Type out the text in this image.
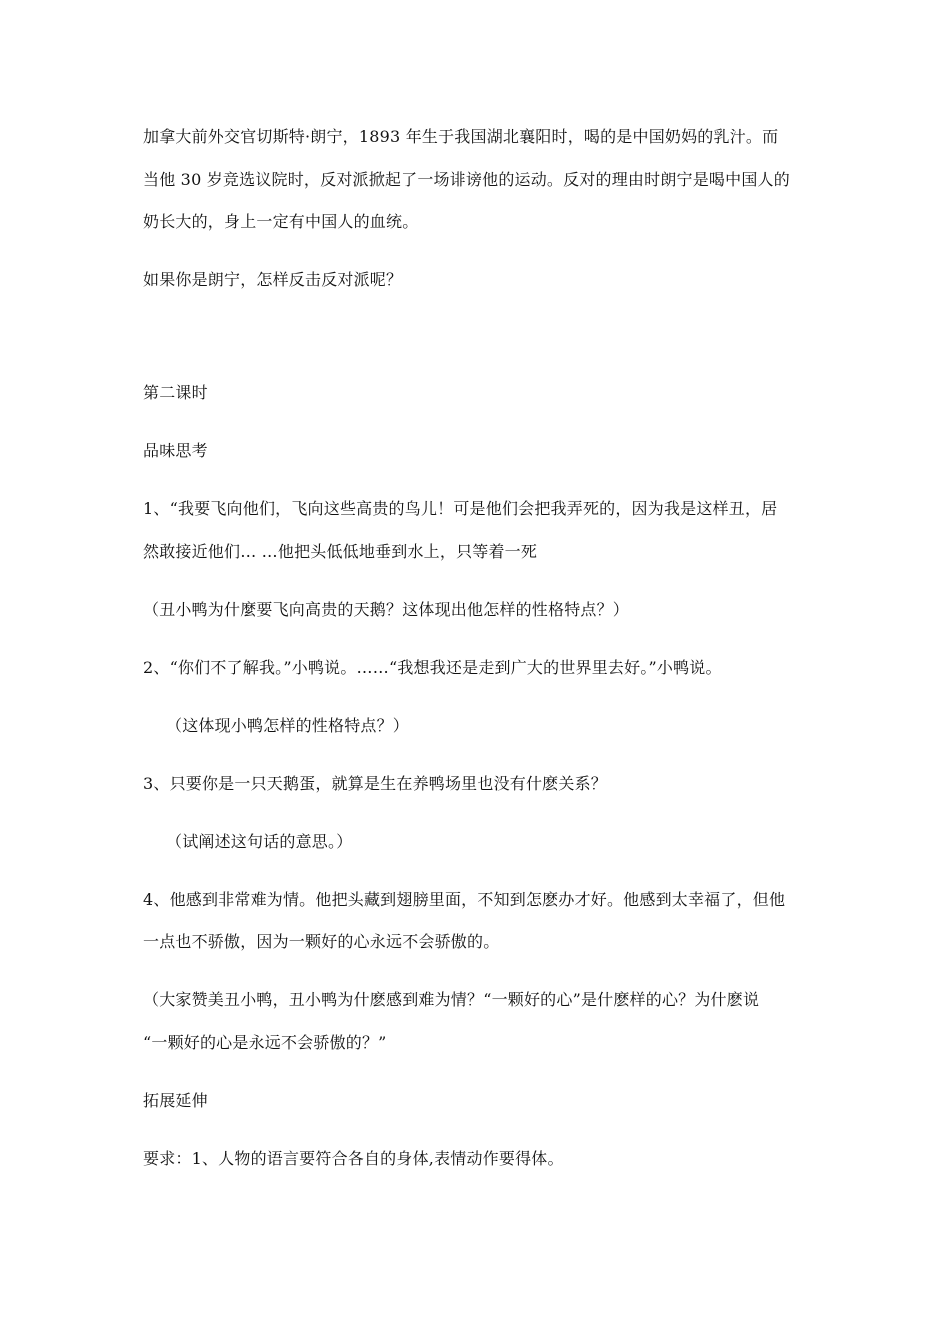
加拿大前外交官切斯特·朗宁，1893 年生于我国湖北襄阳时，喝的是中国奶妈的乳汁。而
当他 30 岁竞选议院时，反对派掀起了一场诽谤他的运动。反对的理由时朗宁是喝中国人的
奶长大的，身上一定有中国人的血统。
如果你是朗宁，怎样反击反对派呢？
第二课时
品味思考
1、“我要飞向他们，飞向这些高贵的鸟儿！可是他们会把我弄死的，因为我是这样丑，居
然敢接近他们… …他把头低低地垂到水上，只等着一死
（丑小鸭为什麼要飞向高贵的天鹅？这体现出他怎样的性格特点？）
2、“你们不了解我。”小鸭说。……“我想我还是走到广大的世界里去好。”小鸭说。
（这体现小鸭怎样的性格特点？）
3、只要你是一只天鹅蛋，就算是生在养鸭场里也没有什麽关系？
（试阐述这句话的意思。）
4、他感到非常难为情。他把头藏到翅膀里面，不知到怎麽办才好。他感到太幸福了，但他
一点也不骄傲，因为一颗好的心永远不会骄傲的。
（大家赞美丑小鸭，丑小鸭为什麽感到难为情？“一颗好的心”是什麽样的心？为什麽说
“一颗好的心是永远不会骄傲的？”
拓展延伸
要求：1、人物的语言要符合各自的身体,表情动作要得体。
